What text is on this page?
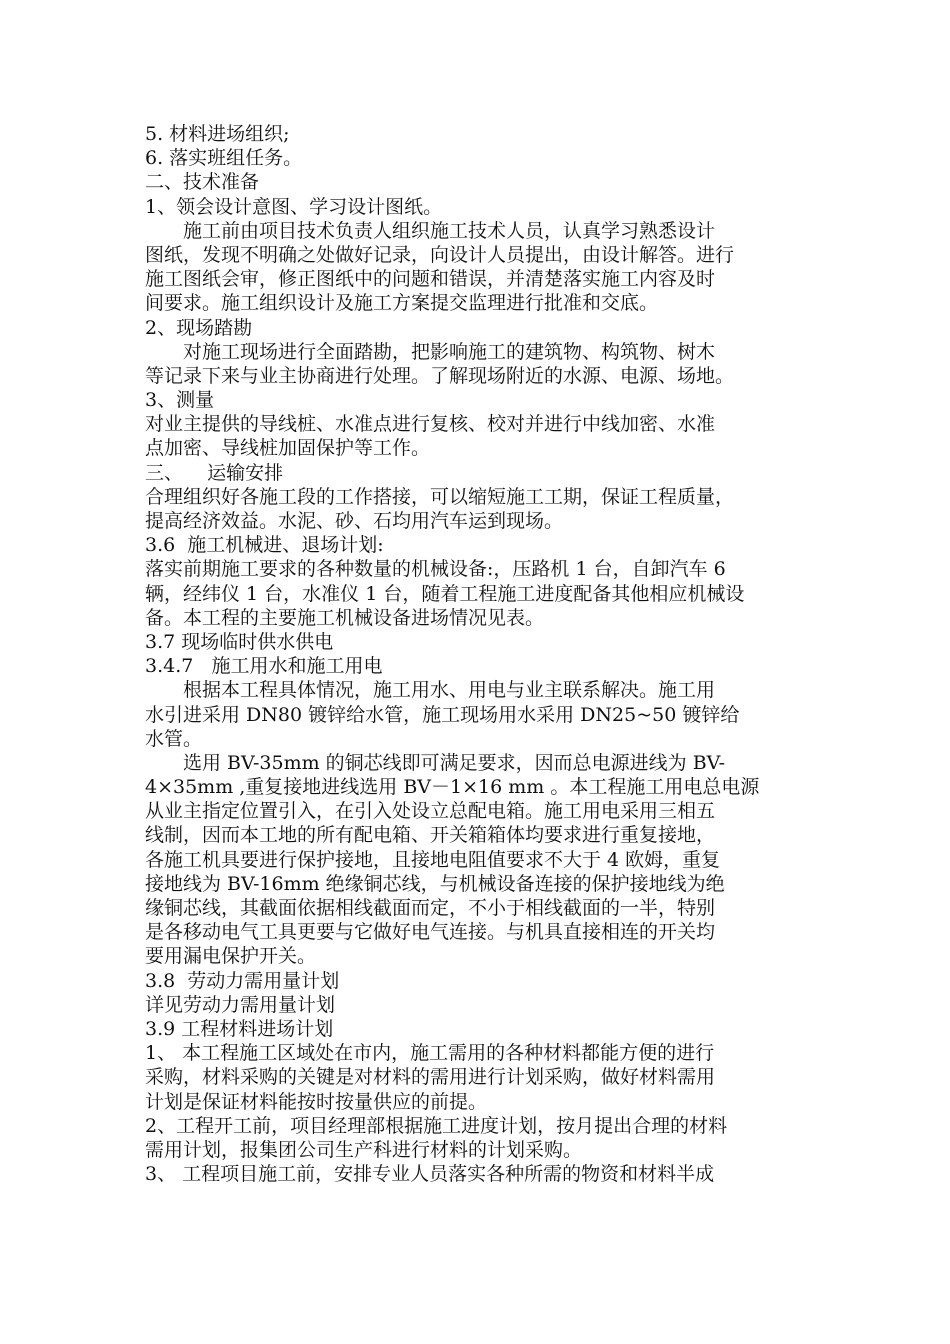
5. 材料进场组织;
6. 落实班组任务。
二、技术准备
1、领会设计意图、学习设计图纸。
施工前由项目技术负责人组织施工技术人员，认真学习熟悉设计
图纸，发现不明确之处做好记录，向设计人员提出，由设计解答。进行
施工图纸会审，修正图纸中的问题和错误，并清楚落实施工内容及时
间要求。施工组织设计及施工方案提交监理进行批准和交底。
2、现场踏勘
对施工现场进行全面踏勘，把影响施工的建筑物、构筑物、树木
等记录下来与业主协商进行处理。了解现场附近的水源、电源、场地。
3、测量
对业主提供的导线桩、水准点进行复核、校对并进行中线加密、水准
点加密、导线桩加固保护等工作。
三、    运输安排
合理组织好各施工段的工作搭接，可以缩短施工工期，保证工程质量，
提高经济效益。水泥、砂、石均用汽车运到现场。
3.6  施工机械进、退场计划:
落实前期施工要求的各种数量的机械设备:，压路机 1 台，自卸汽车 6
辆，经纬仪 1 台，水准仪 1 台，随着工程施工进度配备其他相应机械设
备。本工程的主要施工机械设备进场情况见表。
3.7 现场临时供水供电
3.4.7   施工用水和施工用电
根据本工程具体情况，施工用水、用电与业主联系解决。施工用
水引进采用 DN80 镀锌给水管，施工现场用水采用 DN25~50 镀锌给
水管。
选用 BV-35mm 的铜芯线即可满足要求，因而总电源进线为 BV-
4×35mm ,重复接地进线选用 BV－1×16 mm 。本工程施工用电总电源
从业主指定位置引入，在引入处设立总配电箱。施工用电采用三相五
线制，因而本工地的所有配电箱、开关箱箱体均要求进行重复接地，
各施工机具要进行保护接地，且接地电阻值要求不大于 4 欧姆，重复
接地线为 BV-16mm 绝缘铜芯线，与机械设备连接的保护接地线为绝
缘铜芯线，其截面依据相线截面而定，不小于相线截面的一半，特别
是各移动电气工具更要与它做好电气连接。与机具直接相连的开关均
要用漏电保护开关。
3.8  劳动力需用量计划
详见劳动力需用量计划
3.9 工程材料进场计划
1、 本工程施工区域处在市内，施工需用的各种材料都能方便的进行
采购，材料采购的关键是对材料的需用进行计划采购，做好材料需用
计划是保证材料能按时按量供应的前提。
2、工程开工前，项目经理部根据施工进度计划，按月提出合理的材料
需用计划，报集团公司生产科进行材料的计划采购。
3、 工程项目施工前，安排专业人员落实各种所需的物资和材料半成
